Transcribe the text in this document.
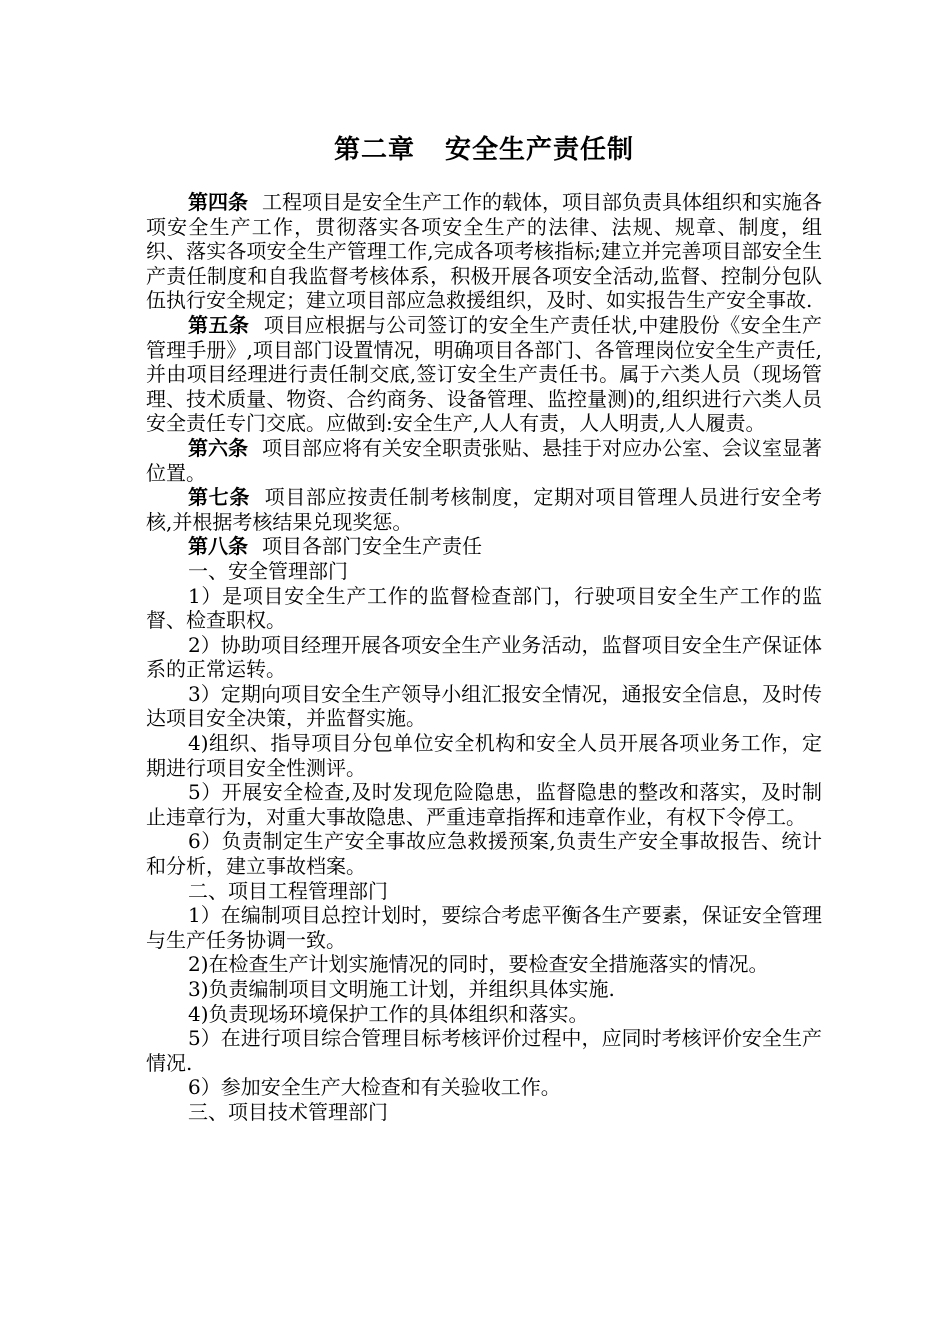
第二章 安全生产责任制

第四条 工程项目是安全生产工作的载体，项目部负责具体组织和实施各项安全生产工作，贯彻落实各项安全生产的法律、法规、规章、制度，组织、落实各项安全生产管理工作,完成各项考核指标;建立并完善项目部安全生产责任制度和自我监督考核体系，积极开展各项安全活动,监督、控制分包队伍执行安全规定；建立项目部应急救援组织，及时、如实报告生产安全事故.

第五条 项目应根据与公司签订的安全生产责任状,中建股份《安全生产管理手册》,项目部门设置情况，明确项目各部门、各管理岗位安全生产责任,并由项目经理进行责任制交底,签订安全生产责任书。属于六类人员（现场管理、技术质量、物资、合约商务、设备管理、监控量测)的,组织进行六类人员安全责任专门交底。应做到:安全生产,人人有责，人人明责,人人履责。

第六条 项目部应将有关安全职责张贴、悬挂于对应办公室、会议室显著位置。

第七条 项目部应按责任制考核制度，定期对项目管理人员进行安全考核,并根据考核结果兑现奖惩。

第八条 项目各部门安全生产责任

一、安全管理部门

1）是项目安全生产工作的监督检查部门，行驶项目安全生产工作的监督、检查职权。

2）协助项目经理开展各项安全生产业务活动，监督项目安全生产保证体系的正常运转。

3）定期向项目安全生产领导小组汇报安全情况，通报安全信息，及时传达项目安全决策，并监督实施。

4)组织、指导项目分包单位安全机构和安全人员开展各项业务工作，定期进行项目安全性测评。

5）开展安全检查,及时发现危险隐患，监督隐患的整改和落实，及时制止违章行为，对重大事故隐患、严重违章指挥和违章作业，有权下令停工。

6）负责制定生产安全事故应急救援预案,负责生产安全事故报告、统计和分析，建立事故档案。

二、项目工程管理部门

1）在编制项目总控计划时，要综合考虑平衡各生产要素，保证安全管理与生产任务协调一致。

2)在检查生产计划实施情况的同时，要检查安全措施落实的情况。

3)负责编制项目文明施工计划，并组织具体实施.

4)负责现场环境保护工作的具体组织和落实。

5）在进行项目综合管理目标考核评价过程中，应同时考核评价安全生产情况.

6）参加安全生产大检查和有关验收工作。

三、项目技术管理部门
